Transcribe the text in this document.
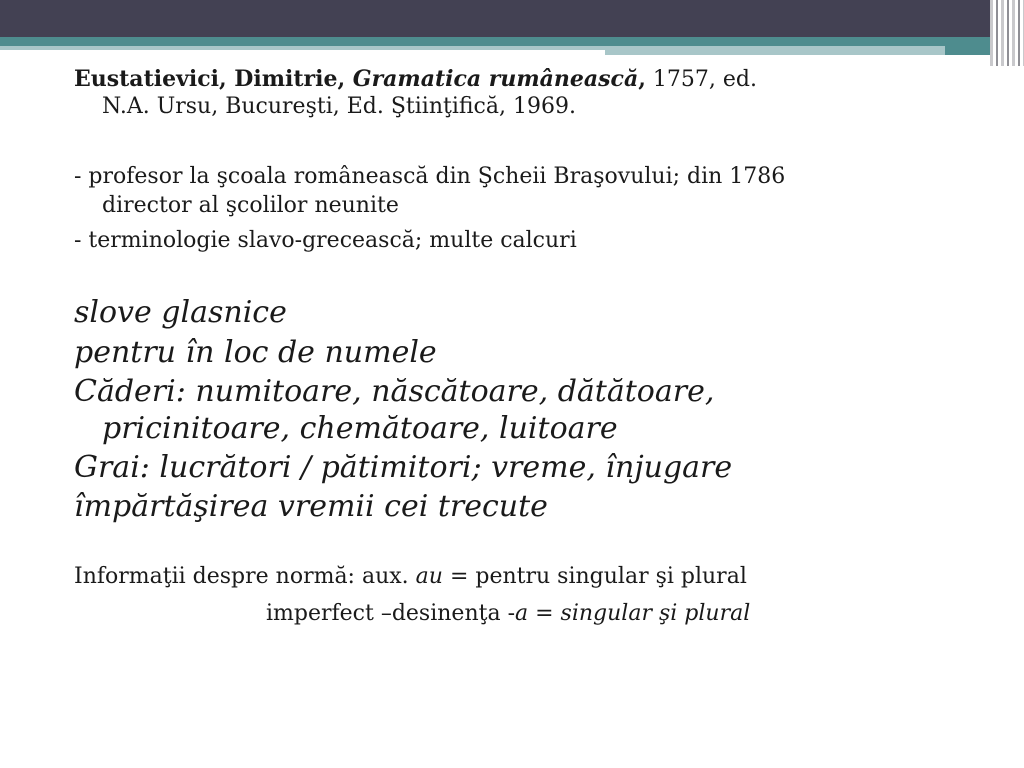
Eustatievici, Dimitrie, Gramatica rumânească, 1757, ed.
N.A. Ursu, Bucureşti, Ed. Ştiinţifică, 1969.
- profesor la şcoala românească din Şcheii Braşovului; din 1786
director al şcolilor neunite
- terminologie slavo-grecească; multe calcuri
slove glasnice
pentru în loc de numele
Căderi: numitoare, născătoare, dătătoare,
pricinitoare, chemătoare, luitoare
Grai: lucrători / pătimitori; vreme, înjugare
împărtăşirea vremii cei trecute
Informaţii despre normă: aux. au = pentru singular şi plural
imperfect –desinenţa -a = singular şi plural
